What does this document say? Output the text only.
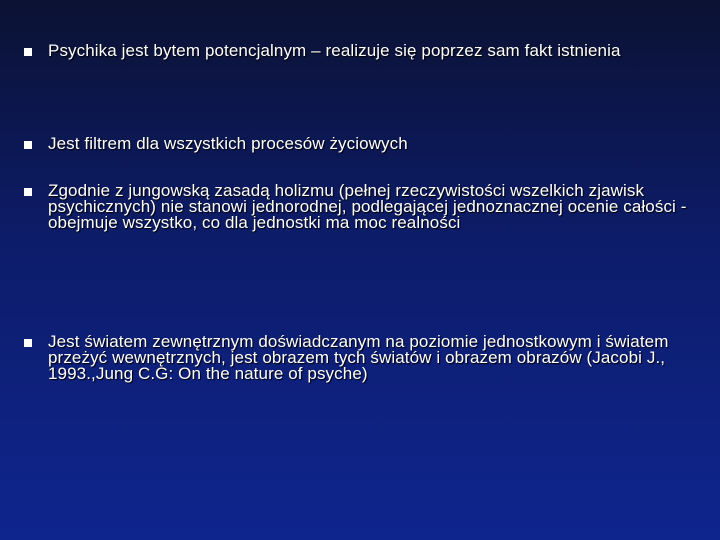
Psychika jest bytem potencjalnym – realizuje się poprzez sam fakt istnienia
Jest filtrem dla wszystkich procesów życiowych
Zgodnie z jungowską zasadą holizmu (pełnej rzeczywistości wszelkich zjawisk psychicznych) nie stanowi jednorodnej, podlegającej jednoznacznej ocenie całości - obejmuje wszystko, co dla jednostki ma moc realności
Jest światem zewnętrznym doświadczanym na poziomie jednostkowym i światem przeżyć wewnętrznych, jest obrazem tych światów i obrazem obrazów (Jacobi J., 1993.,Jung C.G: On the nature of psyche)
